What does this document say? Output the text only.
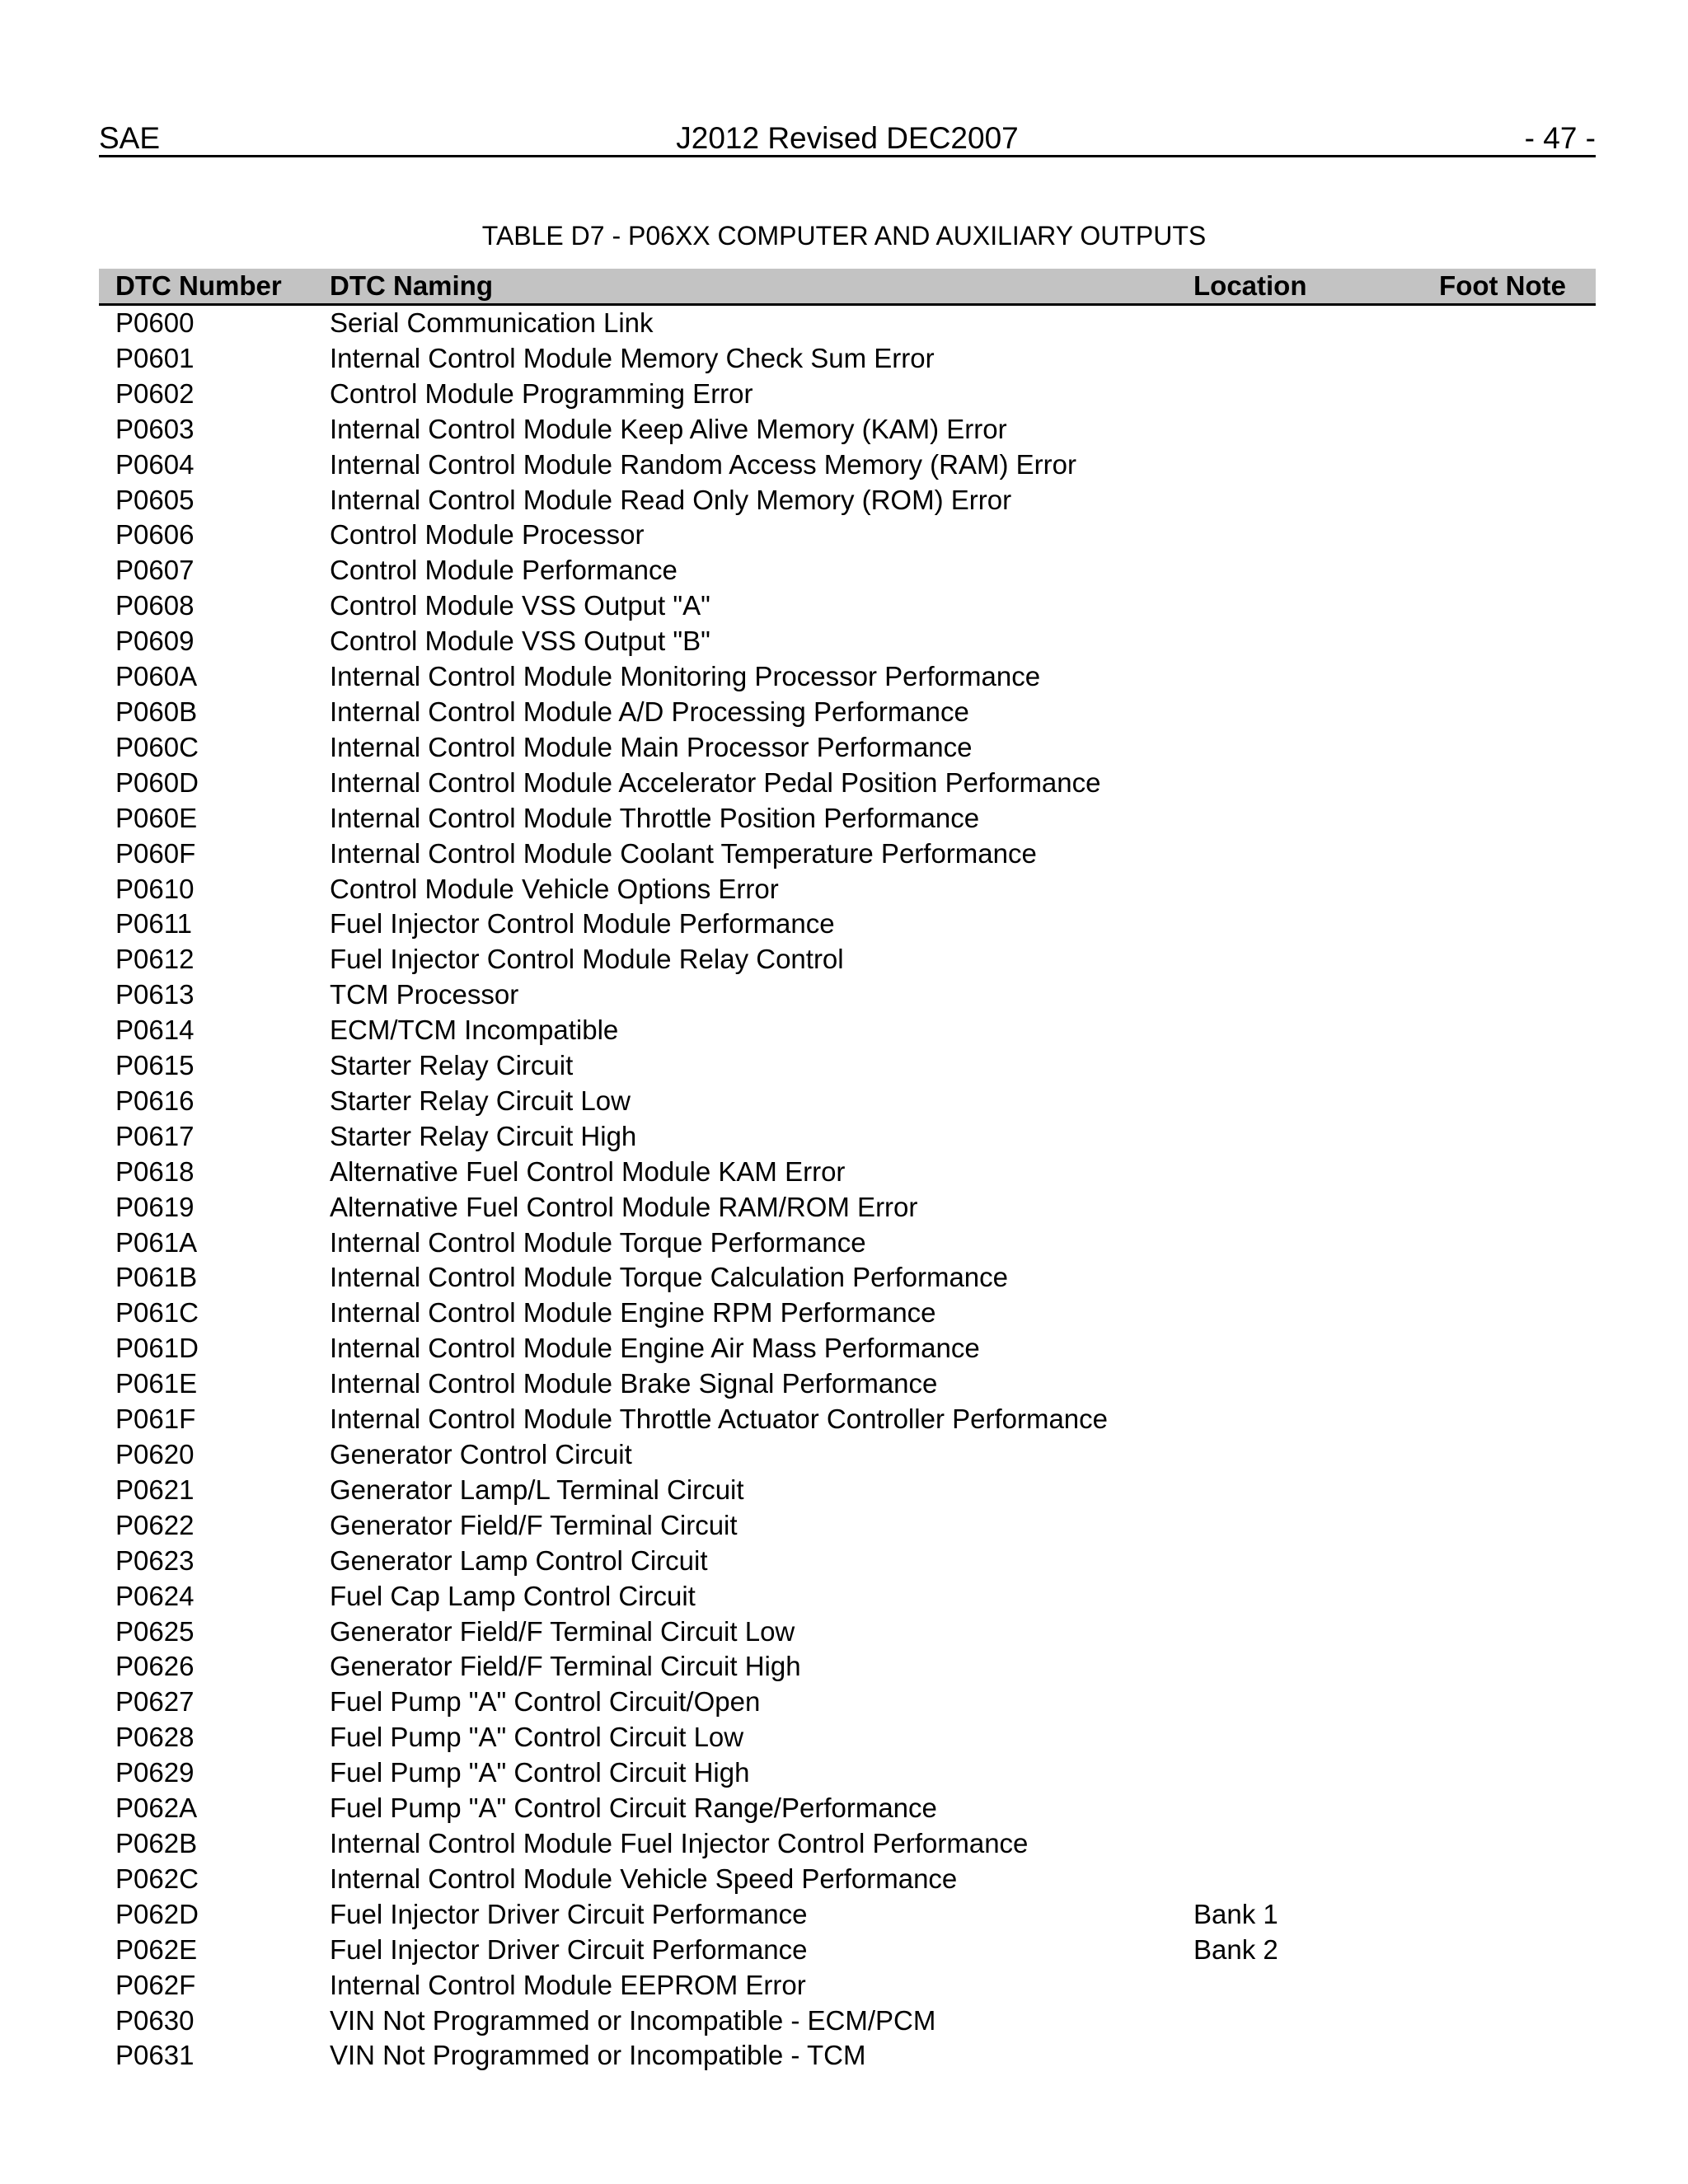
SAE	J2012 Revised DEC2007	- 47 -
TABLE D7 - P06XX COMPUTER AND AUXILIARY OUTPUTS
DTC Number	DTC Naming	Location	Foot Note
P0600	Serial Communication Link		
P0601	Internal Control Module Memory Check Sum Error		
P0602	Control Module Programming Error		
P0603	Internal Control Module Keep Alive Memory (KAM) Error		
P0604	Internal Control Module Random Access Memory (RAM) Error		
P0605	Internal Control Module Read Only Memory (ROM) Error		
P0606	Control Module Processor		
P0607	Control Module Performance		
P0608	Control Module VSS Output "A"		
P0609	Control Module VSS Output "B"		
P060A	Internal Control Module Monitoring Processor Performance		
P060B	Internal Control Module A/D Processing Performance		
P060C	Internal Control Module Main Processor Performance		
P060D	Internal Control Module Accelerator Pedal Position Performance		
P060E	Internal Control Module Throttle Position Performance		
P060F	Internal Control Module Coolant Temperature Performance		
P0610	Control Module Vehicle Options Error		
P0611	Fuel Injector Control Module Performance		
P0612	Fuel Injector Control Module Relay Control		
P0613	TCM Processor		
P0614	ECM/TCM Incompatible		
P0615	Starter Relay Circuit		
P0616	Starter Relay Circuit Low		
P0617	Starter Relay Circuit High		
P0618	Alternative Fuel Control Module KAM Error		
P0619	Alternative Fuel Control Module RAM/ROM Error		
P061A	Internal Control Module Torque Performance		
P061B	Internal Control Module Torque Calculation Performance		
P061C	Internal Control Module Engine RPM Performance		
P061D	Internal Control Module Engine Air Mass Performance		
P061E	Internal Control Module Brake Signal Performance		
P061F	Internal Control Module Throttle Actuator Controller Performance		
P0620	Generator Control Circuit		
P0621	Generator Lamp/L Terminal Circuit		
P0622	Generator Field/F Terminal Circuit		
P0623	Generator Lamp Control Circuit		
P0624	Fuel Cap Lamp Control Circuit		
P0625	Generator Field/F Terminal Circuit Low		
P0626	Generator Field/F Terminal Circuit High		
P0627	Fuel Pump "A" Control Circuit/Open		
P0628	Fuel Pump "A" Control Circuit Low		
P0629	Fuel Pump "A" Control Circuit High		
P062A	Fuel Pump "A" Control Circuit Range/Performance		
P062B	Internal Control Module Fuel Injector Control Performance		
P062C	Internal Control Module Vehicle Speed Performance		
P062D	Fuel Injector Driver Circuit Performance	Bank 1	
P062E	Fuel Injector Driver Circuit Performance	Bank 2	
P062F	Internal Control Module EEPROM Error		
P0630	VIN Not Programmed or Incompatible - ECM/PCM		
P0631	VIN Not Programmed or Incompatible - TCM		
